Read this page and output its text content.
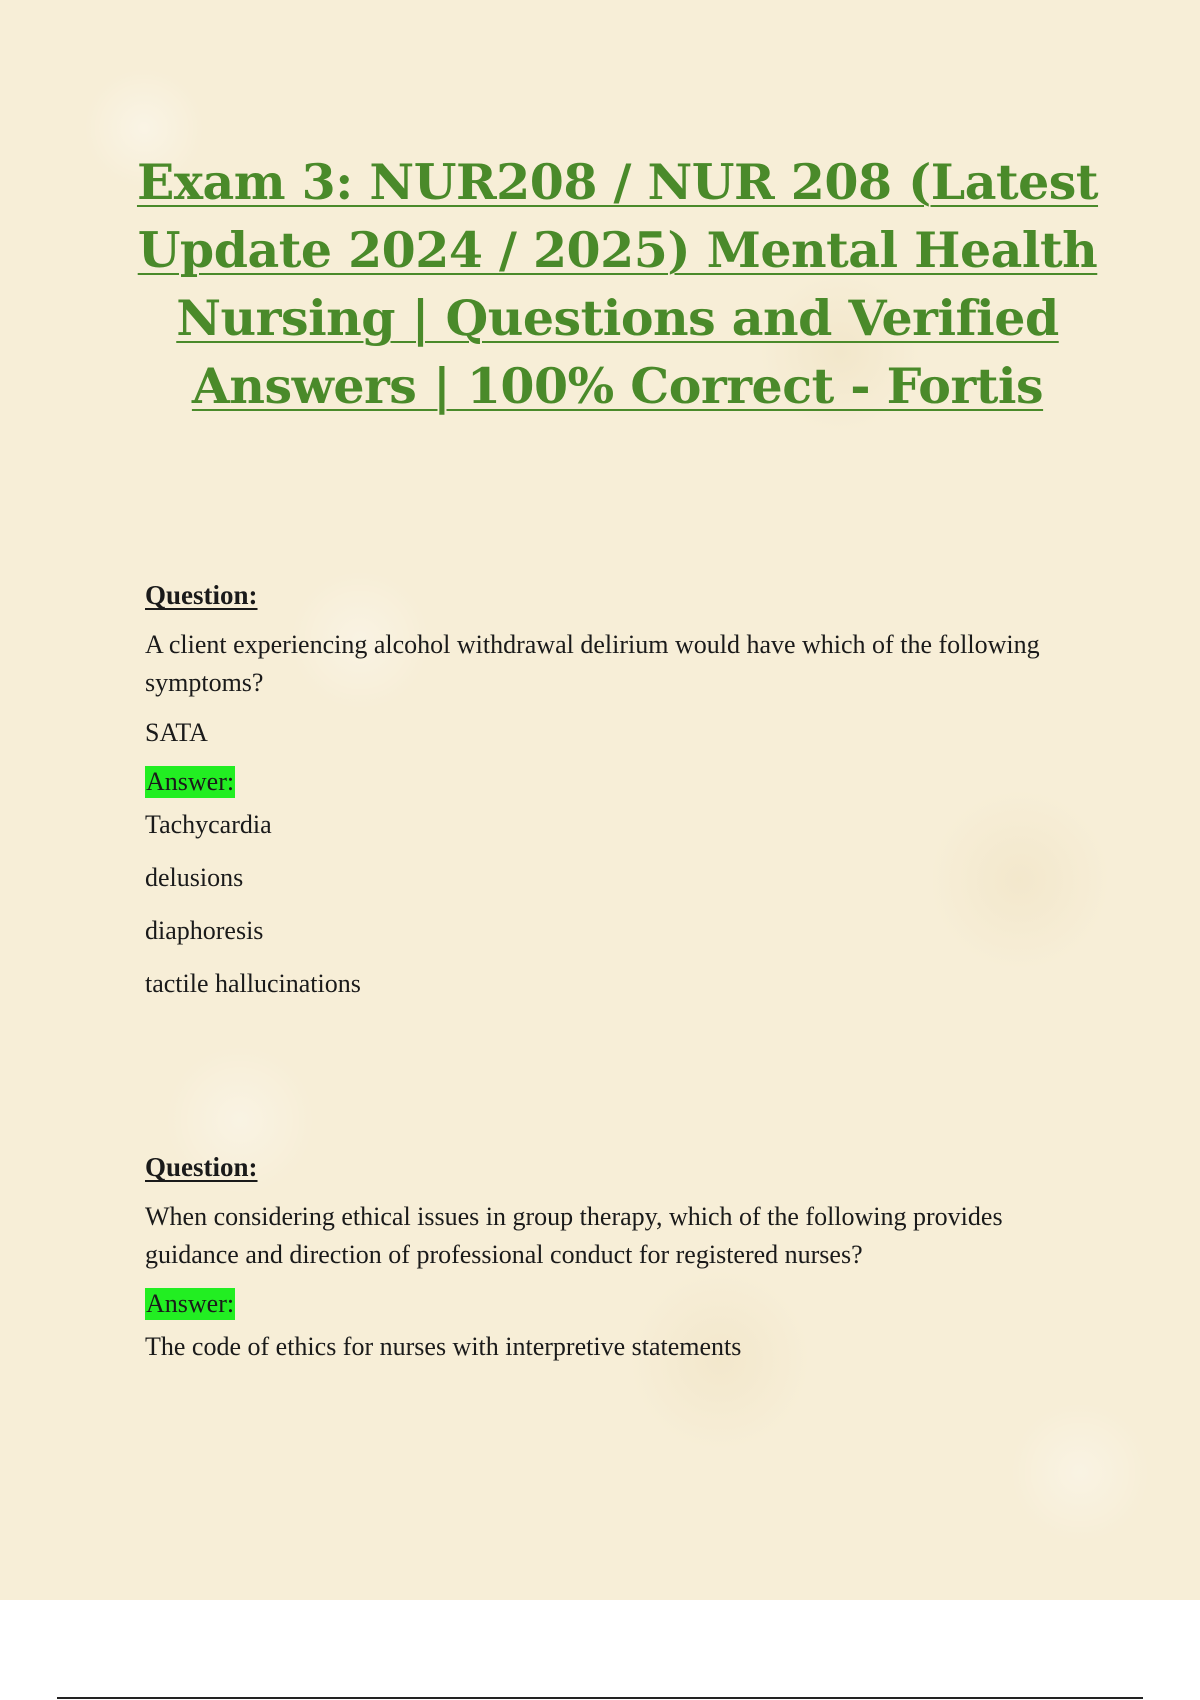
Exam 3: NUR208 / NUR 208 (Latest Update 2024 / 2025) Mental Health Nursing | Questions and Verified Answers | 100% Correct - Fortis
Question:

A client experiencing alcohol withdrawal delirium would have which of the following symptoms?

SATA

Answer:
Tachycardia
delusions
diaphoresis
tactile hallucinations
Question:

When considering ethical issues in group therapy, which of the following provides guidance and direction of professional conduct for registered nurses?

Answer:
The code of ethics for nurses with interpretive statements
